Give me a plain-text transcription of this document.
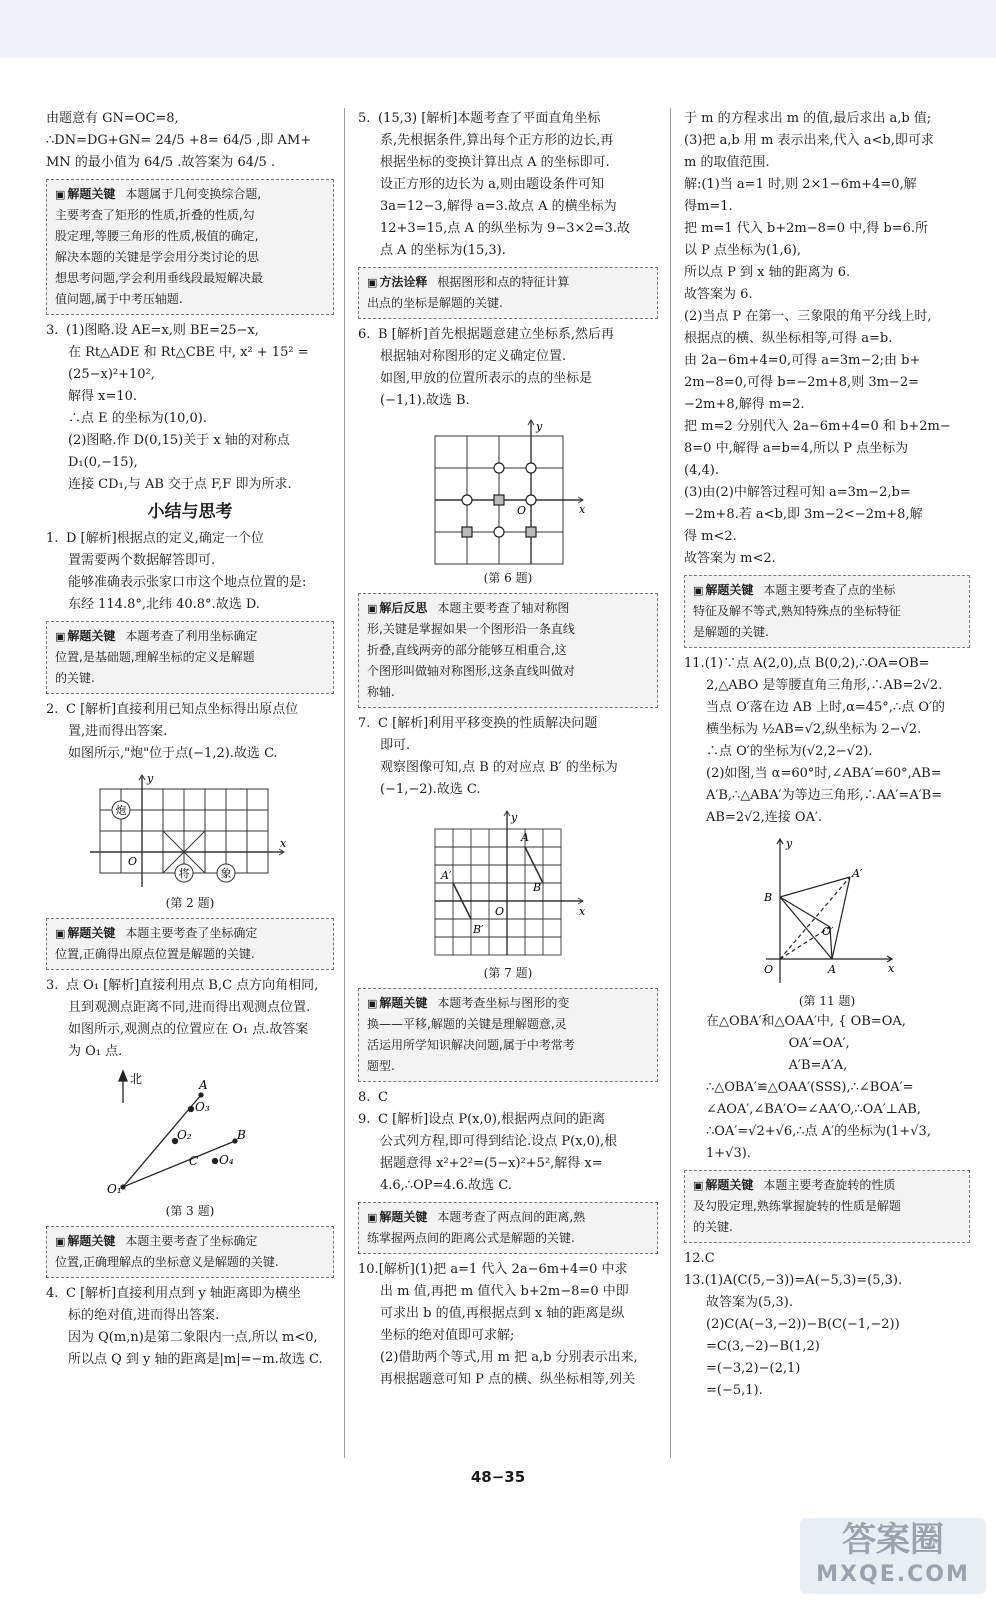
由题意有 GN=OC=8,
∴DN=DG+GN= 24/5 +8= 64/5 ,即 AM+
MN 的最小值为 64/5 .故答案为 64/5 .
▣ 解题关键 本题属于几何变换综合题,
主要考查了矩形的性质,折叠的性质,勾
股定理,等腰三角形的性质,极值的确定,
解决本题的关键是学会用分类讨论的思
想思考问题,学会利用垂线段最短解决最
值问题,属于中考压轴题.
3. (1)图略.设 AE=x,则 BE=25−x,
在 Rt△ADE 和 Rt△CBE 中, x² + 15² =
(25−x)²+10²,
解得 x=10.
∴点 E 的坐标为(10,0).
(2)图略.作 D(0,15)关于 x 轴的对称点
D₁(0,−15),
连接 CD₁,与 AB 交于点 F,F 即为所求.
小结与思考
1. D [解析]根据点的定义,确定一个位
置需要两个数据解答即可.
能够准确表示张家口市这个地点位置的是:
东经 114.8°,北纬 40.8°.故选 D.
▣ 解题关键 本题考查了利用坐标确定
位置,是基础题,理解坐标的定义是解题
的关键.
2. C [解析]直接利用已知点坐标得出原点位
置,进而得出答案.
如图所示,"炮"位于点(−1,2).故选 C.
炮
将	象
y
x
O
(第 2 题)
▣ 解题关键 本题主要考查了坐标确定
位置,正确得出原点位置是解题的关键.
3. 点 O₁ [解析]直接利用点 B,C 点方向角相同,
且到观测点距离不同,进而得出观测点位置.
如图所示,观测点的位置应在 O₁ 点.故答案
为 O₁ 点.
北	A
O₃
O₂	B
C O₄
O₁
(第 3 题)
▣ 解题关键 本题主要考查了坐标确定
位置,正确理解点的坐标意义是解题的关键.
4. C [解析]直接利用点到 y 轴距离即为横坐
标的绝对值,进而得出答案.
因为 Q(m,n)是第二象限内一点,所以 m<0,
所以点 Q 到 y 轴的距离是|m|=−m.故选 C.
5. (15,3) [解析]本题考查了平面直角坐标
系,先根据条件,算出每个正方形的边长,再
根据坐标的变换计算出点 A 的坐标即可.
设正方形的边长为 a,则由题设条件可知
3a=12−3,解得 a=3.故点 A 的横坐标为
12+3=15,点 A 的纵坐标为 9−3×2=3.故
点 A 的坐标为(15,3).
▣ 方法诠释 根据图形和点的特征计算
出点的坐标是解题的关键.
6. B [解析]首先根据题意建立坐标系,然后再
根据轴对称图形的定义确定位置.
如图,甲放的位置所表示的点的坐标是
(−1,1).故选 B.
y
x
O
(第 6 题)
▣ 解后反思 本题主要考查了轴对称图
形,关键是掌握如果一个图形沿一条直线
折叠,直线两旁的部分能够互相重合,这
个图形叫做轴对称图形,这条直线叫做对
称轴.
7. C [解析]利用平移变换的性质解决问题
即可.
观察图像可知,点 B 的对应点 B′ 的坐标为
(−1,−2).故选 C.
y
A
A′
B
O	x
B′
(第 7 题)
▣ 解题关键 本题考查坐标与图形的变
换——平移,解题的关键是理解题意,灵
活运用所学知识解决问题,属于中考常考
题型.
8. C
9. C [解析]设点 P(x,0),根据两点间的距离
公式列方程,即可得到结论.设点 P(x,0),根
据题意得 x²+2²=(5−x)²+5²,解得 x=
4.6,∴OP=4.6.故选 C.
▣ 解题关键 本题考查了两点间的距离,熟
练掌握两点间的距离公式是解题的关键.
10.[解析](1)把 a=1 代入 2a−6m+4=0 中求
出 m 值,再把 m 值代入 b+2m−8=0 中即
可求出 b 的值,再根据点到 x 轴的距离是纵
坐标的绝对值即可求解;
(2)借助两个等式,用 m 把 a,b 分别表示出来,
再根据题意可知 P 点的横、纵坐标相等,列关
于 m 的方程求出 m 的值,最后求出 a,b 值;
(3)把 a,b 用 m 表示出来,代入 a<b,即可求
m 的取值范围.
解:(1)当 a=1 时,则 2×1−6m+4=0,解
得m=1.
把 m=1 代入 b+2m−8=0 中,得 b=6.所
以 P 点坐标为(1,6),
所以点 P 到 x 轴的距离为 6.
故答案为 6.
(2)当点 P 在第一、三象限的角平分线上时,
根据点的横、纵坐标相等,可得 a=b.
由 2a−6m+4=0,可得 a=3m−2;由 b+
2m−8=0,可得 b=−2m+8,则 3m−2=
−2m+8,解得 m=2.
把 m=2 分别代入 2a−6m+4=0 和 b+2m−
8=0 中,解得 a=b=4,所以 P 点坐标为
(4,4).
(3)由(2)中解答过程可知 a=3m−2,b=
−2m+8.若 a<b,即 3m−2<−2m+8,解
得 m<2.
故答案为 m<2.
▣ 解题关键 本题主要考查了点的坐标
特征及解不等式,熟知特殊点的坐标特征
是解题的关键.
11.(1)∵点 A(2,0),点 B(0,2),∴OA=OB=
2,△ABO 是等腰直角三角形,∴AB=2√2.
当点 O′落在边 AB 上时,α=45°,∴点 O′的
横坐标为 ½AB=√2,纵坐标为 2−√2.
∴点 O′的坐标为(√2,2−√2).
(2)如图,当 α=60°时,∠ABA′=60°,AB=
A′B,∴△ABA′为等边三角形,∴AA′=A′B=
AB=2√2,连接 OA′.
y
A′
B
O′
O	A	x
(第 11 题)
在△OBA′和△OAA′中, { OB=OA,
OA′=OA′,
A′B=A′A,
∴△OBA′≌△OAA′(SSS),∴∠BOA′=
∠AOA′,∠BA′O=∠AA′O,∴OA′⊥AB,
∴OA′=√2+√6,∴点 A′的坐标为(1+√3,
1+√3).
▣ 解题关键 本题主要考查旋转的性质
及勾股定理,熟练掌握旋转的性质是解题
的关键.
12.C
13.(1)A(C(5,−3))=A(−5,3)=(5,3).
故答案为(5,3).
(2)C(A(−3,−2))−B(C(−1,−2))
=C(3,−2)−B(1,2)
=(−3,2)−(2,1)
=(−5,1).
48−35
答案圈
MXQE.COM
